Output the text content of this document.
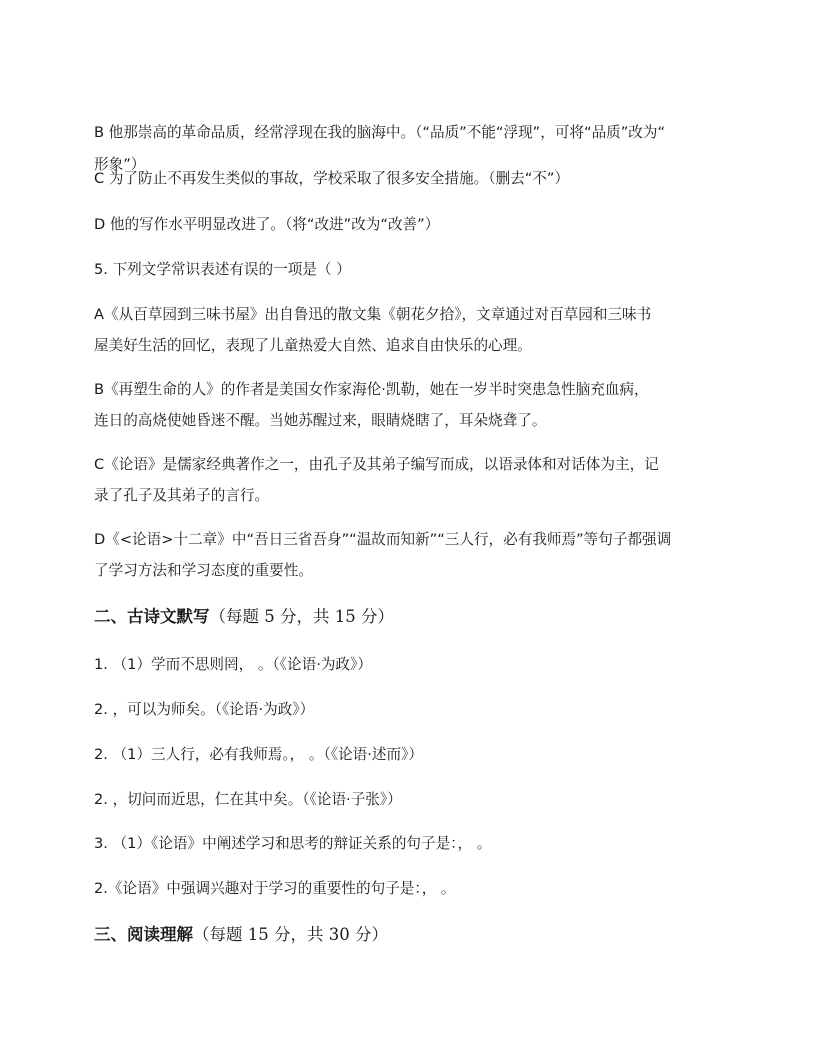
B 他那崇高的革命品质，经常浮现在我的脑海中。（“品质”不能“浮现”，可将“品质”改为“

形象”）

C 为了防止不再发生类似的事故，学校采取了很多安全措施。（删去“不”）

D 他的写作水平明显改进了。（将“改进”改为“改善”）

5. 下列文学常识表述有误的一项是（ ）

A《从百草园到三味书屋》出自鲁迅的散文集《朝花夕拾》，文章通过对百草园和三味书

屋美好生活的回忆，表现了儿童热爱大自然、追求自由快乐的心理。

B《再塑生命的人》的作者是美国女作家海伦·凯勒，她在一岁半时突患急性脑充血病，

连日的高烧使她昏迷不醒。当她苏醒过来，眼睛烧瞎了，耳朵烧聋了。

C《论语》是儒家经典著作之一，由孔子及其弟子编写而成，以语录体和对话体为主，记

录了孔子及其弟子的言行。

D《<论语>十二章》中“吾日三省吾身”“温故而知新”“三人行，必有我师焉”等句子都强调

了学习方法和学习态度的重要性。

二、古诗文默写（每题 5 分，共 15 分）

1. （1）学而不思则罔， 。（《论语·为政》）

2. ，可以为师矣。（《论语·为政》）

2. （1）三人行，必有我师焉。， 。（《论语·述而》）

2. ，切问而近思，仁在其中矣。（《论语·子张》）

3. （1）《论语》中阐述学习和思考的辩证关系的句子是：， 。

2.《论语》中强调兴趣对于学习的重要性的句子是：， 。

三、阅读理解（每题 15 分，共 30 分）
